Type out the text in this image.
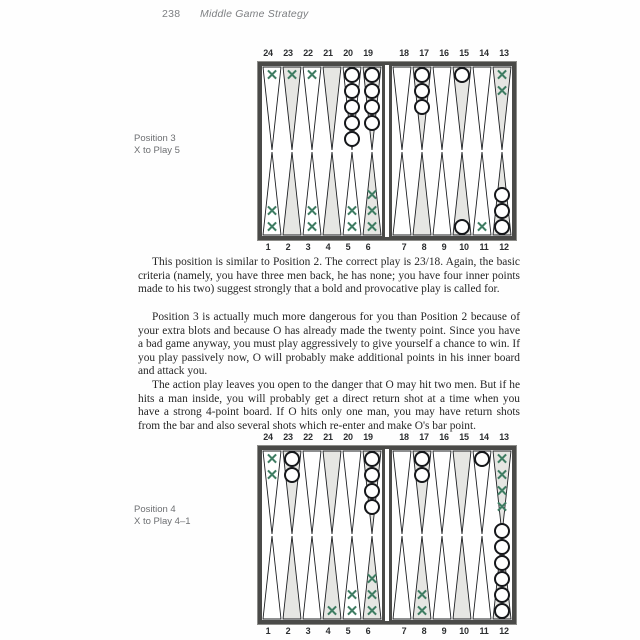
238 Middle Game Strategy
Position 3
X to Play 5
24	23	22	21	20	19	18	17	16	15	14	13
✕ ✕ ✕	✕
✕
✕
✕
✕
✕
✕
✕
✕
✕
✕
✕
1	2	3	4	5	6	7	8	9	10	11	12

This position is similar to Position 2. The correct play is 23/18. Again, the basic criteria (namely, you have three men back, he has none; you have four inner points made to his two) suggest strongly that a bold and provocative play is called for.

Position 3 is actually much more dangerous for you than Position 2 because of your extra blots and because O has already made the twenty point. Since you have a bad game anyway, you must play aggressively to give yourself a chance to win. If you play passively now, O will probably make additional points in his inner board and attack you.

The action play leaves you open to the danger that O may hit two men. But if he hits a man inside, you will probably get a direct return shot at a time when you have a strong 4-point board. If O hits only one man, you may have return shots from the bar and also several shots which re-enter and make O's bar point.

Position 4
X to Play 4–1
24	23	22	21	20	19	18	17	16	15	14	13
✕
✕
✕
✕
✕
✕
✕ ✕
✕
✕
✕
✕
✕
✕
1	2	3	4	5	6	7	8	9	10	11	12
